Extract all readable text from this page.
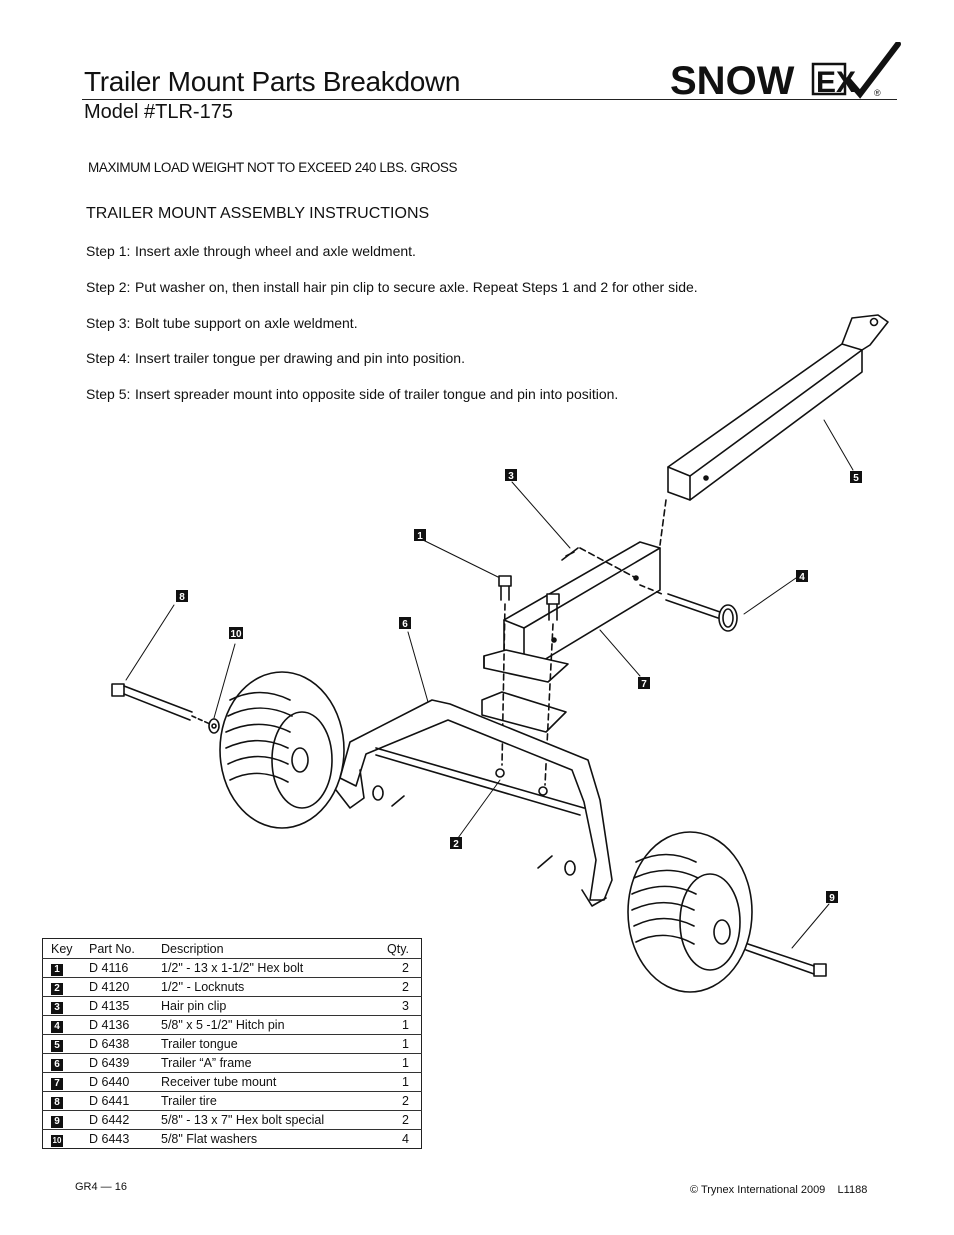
Trailer Mount Parts Breakdown
Model #TLR-175
SNOW EX ®
MAXIMUM LOAD WEIGHT NOT TO EXCEED 240 LBS. GROSS
TRAILER MOUNT ASSEMBLY INSTRUCTIONS
Step 1: Insert axle through wheel and axle weldment.
Step 2: Put washer on, then install hair pin clip to secure axle. Repeat Steps 1 and 2 for other side.
Step 3: Bolt tube support on axle weldment.
Step 4: Insert trailer tongue per drawing and pin into position.
Step 5: Insert spreader mount into opposite side of trailer tongue and pin into position.
3	5
1
4
8
6
10
7
2
9
Key	Part No.	Description	Qty.
1	D 4116	1/2" - 13 x 1-1/2" Hex bolt	2
2	D 4120	1/2'' - Locknuts	2
3	D 4135	Hair pin clip	3
4	D 4136	5/8" x 5 -1/2" Hitch pin	1
5	D 6438	Trailer tongue	1
6	D 6439	Trailer “A” frame	1
7	D 6440	Receiver tube mount	1
8	D 6441	Trailer tire	2
9	D 6442	5/8" - 13 x 7" Hex bolt special	2
10	D 6443	5/8" Flat washers	4
GR4 — 16	© Trynex International 2009 L1188
